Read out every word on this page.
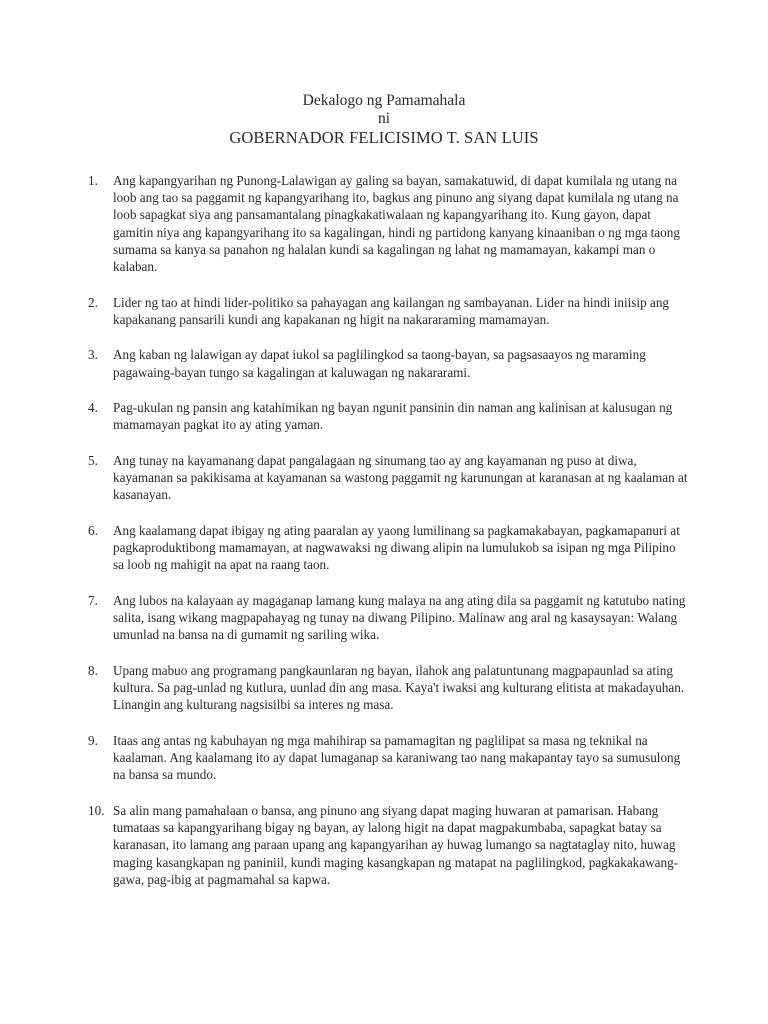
Dekalogo ng Pamamahala
ni
GOBERNADOR FELICISIMO T. SAN LUIS
1. Ang kapangyarihan ng Punong-Lalawigan ay galing sa bayan, samakatuwid, di dapat kumilala ng utang na loob ang tao sa paggamit ng kapangyarihang ito, bagkus ang pinuno ang siyang dapat kumilala ng utang na loob sapagkat siya ang pansamantalang pinagkakatiwalaan ng kapangyarihang ito. Kung gayon, dapat gamitin niya ang kapangyarihang ito sa kagalingan, hindi ng partidong kanyang kinaaniban o ng mga taong sumama sa kanya sa panahon ng halalan kundi sa kagalingan ng lahat ng mamamayan, kakampi man o kalaban.
2. Lider ng tao at hindi lider-politiko sa pahayagan ang kailangan ng sambayanan. Lider na hindi iniisip ang kapakanang pansarili kundi ang kapakanan ng higit na nakararaming mamamayan.
3. Ang kaban ng lalawigan ay dapat iukol sa paglilingkod sa taong-bayan, sa pagsasaayos ng maraming pagawaing-bayan tungo sa kagalingan at kaluwagan ng nakararami.
4. Pag-ukulan ng pansin ang katahimikan ng bayan ngunit pansinin din naman ang kalinisan at kalusugan ng mamamayan pagkat ito ay ating yaman.
5. Ang tunay na kayamanang dapat pangalagaan ng sinumang tao ay ang kayamanan ng puso at diwa, kayamanan sa pakikisama at kayamanan sa wastong paggamit ng karunungan at karanasan at ng kaalaman at kasanayan.
6. Ang kaalamang dapat ibigay ng ating paaralan ay yaong lumilinang sa pagkamakabayan, pagkamapanuri at pagkaproduktibong mamamayan, at nagwawaksi ng diwang alipin na lumulukob sa isipan ng mga Pilipino sa loob ng mahigit na apat na raang taon.
7. Ang lubos na kalayaan ay magaganap lamang kung malaya na ang ating dila sa paggamit ng katutubo nating salita, isang wikang magpapahayag ng tunay na diwang Pilipino. Malinaw ang aral ng kasaysayan: Walang umunlad na bansa na di gumamit ng sariling wika.
8. Upang mabuo ang programang pangkaunlaran ng bayan, ilahok ang palatuntunang magpapaunlad sa ating kultura. Sa pag-unlad ng kutlura, uunlad din ang masa. Kaya't iwaksi ang kulturang elitista at makadayuhan. Linangin ang kulturang nagsisilbi sa interes ng masa.
9. Itaas ang antas ng kabuhayan ng mga mahihirap sa pamamagitan ng paglilipat sa masa ng teknikal na kaalaman. Ang kaalamang ito ay dapat lumaganap sa karaniwang tao nang makapantay tayo sa sumusulong na bansa sa mundo.
10. Sa alin mang pamahalaan o bansa, ang pinuno ang siyang dapat maging huwaran at pamarisan. Habang tumataas sa kapangyarihang bigay ng bayan, ay lalong higit na dapat magpakumbaba, sapagkat batay sa karanasan, ito lamang ang paraan upang ang kapangyarihan ay huwag lumango sa nagtataglay nito, huwag maging kasangkapan ng paniniil, kundi maging kasangkapan ng matapat na paglilingkod, pagkakakawang-gawa, pag-ibig at pagmamahal sa kapwa.
